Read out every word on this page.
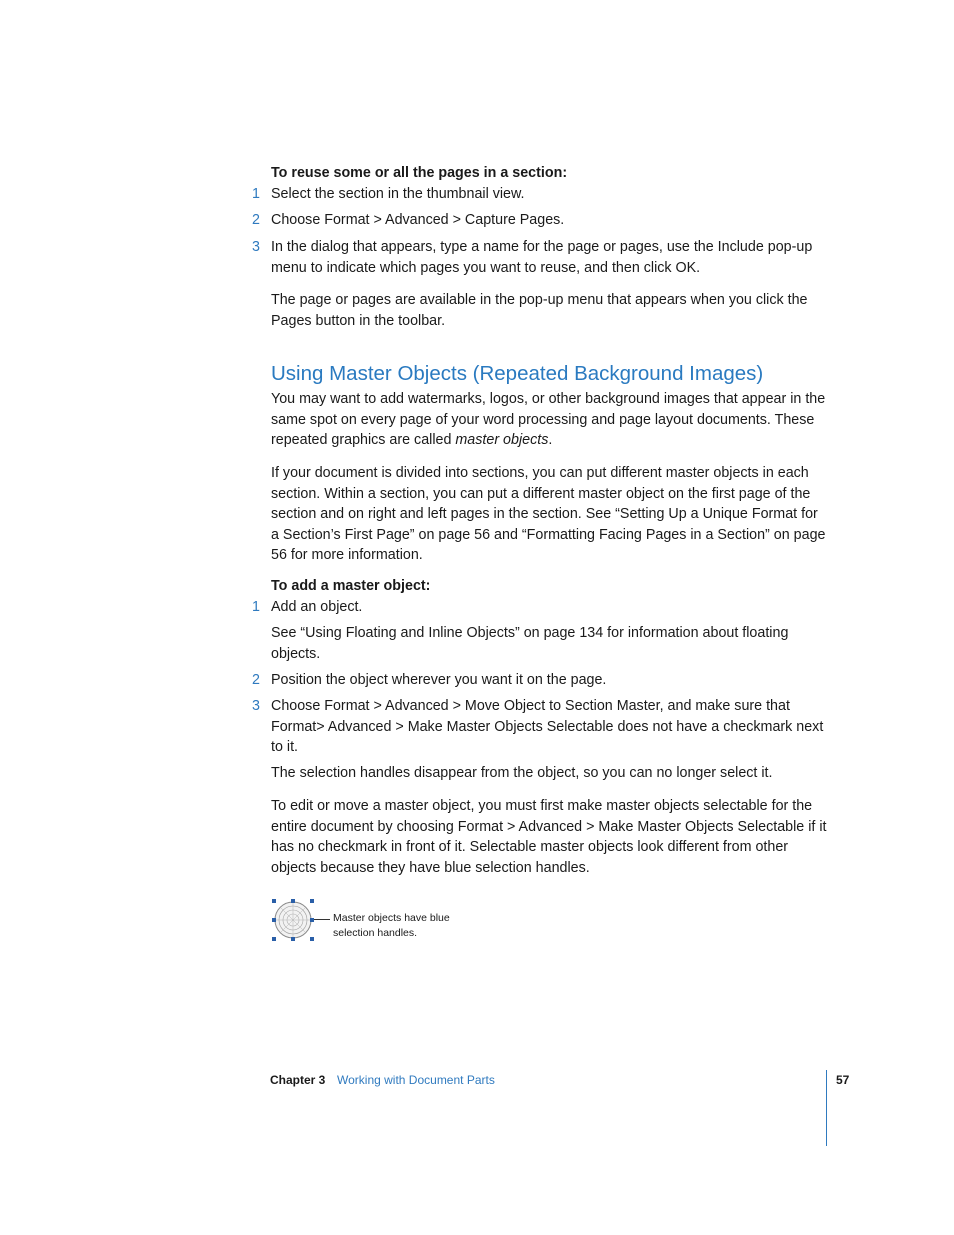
To reuse some or all the pages in a section:

1 Select the section in the thumbnail view.

2 Choose Format > Advanced > Capture Pages.

3 In the dialog that appears, type a name for the page or pages, use the Include pop-up menu to indicate which pages you want to reuse, and then click OK.

The page or pages are available in the pop-up menu that appears when you click the Pages button in the toolbar.

Using Master Objects (Repeated Background Images)

You may want to add watermarks, logos, or other background images that appear in the same spot on every page of your word processing and page layout documents. These repeated graphics are called master objects.

If your document is divided into sections, you can put different master objects in each section. Within a section, you can put a different master object on the first page of the section and on right and left pages in the section. See “Setting Up a Unique Format for a Section’s First Page” on page 56 and “Formatting Facing Pages in a Section” on page 56 for more information.

To add a master object:

1 Add an object.

See “Using Floating and Inline Objects” on page 134 for information about floating objects.

2 Position the object wherever you want it on the page.

3 Choose Format > Advanced > Move Object to Section Master, and make sure that Format> Advanced > Make Master Objects Selectable does not have a checkmark next to it.

The selection handles disappear from the object, so you can no longer select it.

To edit or move a master object, you must first make master objects selectable for the entire document by choosing Format > Advanced > Make Master Objects Selectable if it has no checkmark in front of it. Selectable master objects look different from other objects because they have blue selection handles.

Master objects have blue selection handles.
Chapter 3 Working with Document Parts	57
